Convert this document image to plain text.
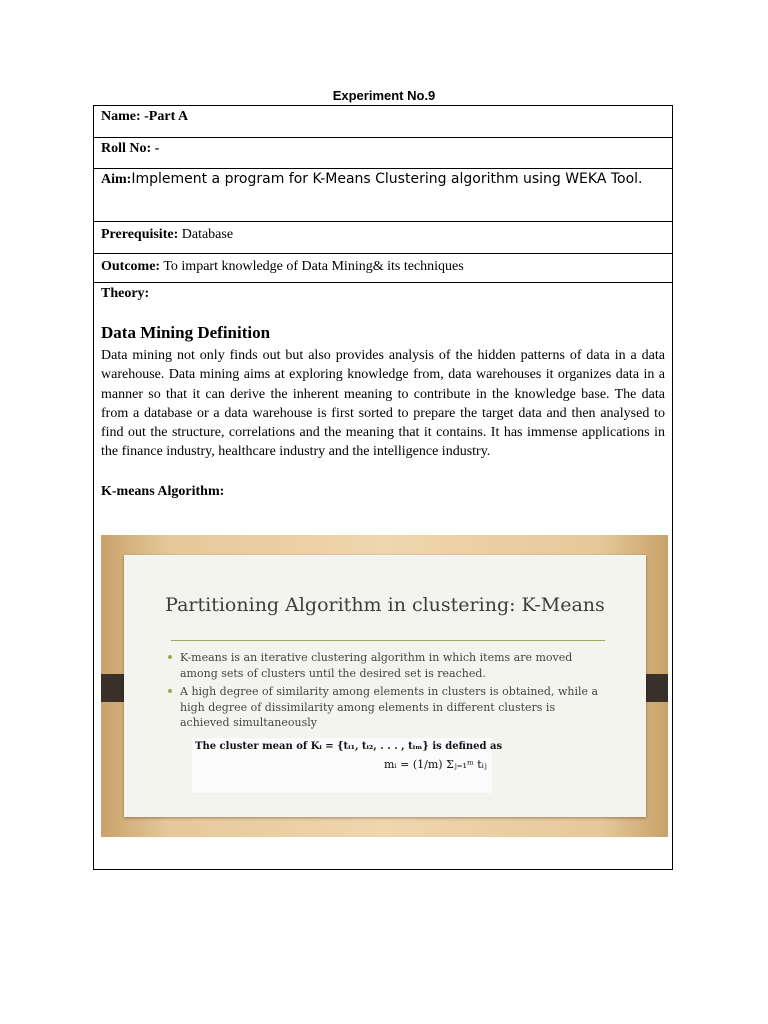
Experiment No.9
Name: -Part A
Roll No: -
Aim:Implement a program for K-Means Clustering algorithm using WEKA Tool.
Prerequisite: Database
Outcome: To impart knowledge of Data Mining& its techniques
Theory:
Data Mining Definition
Data mining not only finds out but also provides analysis of the hidden patterns of data in a data warehouse. Data mining aims at exploring knowledge from, data warehouses it organizes data in a manner so that it can derive the inherent meaning to contribute in the knowledge base. The data from a database or a data warehouse is first sorted to prepare the target data and then analysed to find out the structure, correlations and the meaning that it contains. It has immense applications in the finance industry, healthcare industry and the intelligence industry.
K-means Algorithm:
Partitioning Algorithm in clustering: K-Means
K-means is an iterative clustering algorithm in which items are moved among sets of clusters until the desired set is reached.
A high degree of similarity among elements in clusters is obtained, while a high degree of dissimilarity among elements in different clusters is achieved simultaneously
The cluster mean of Kᵢ = {tᵢ₁, tᵢ₂, . . . , tᵢₘ} is defined as
mᵢ = (1/m) Σⱼ₌₁ᵐ tᵢⱼ
